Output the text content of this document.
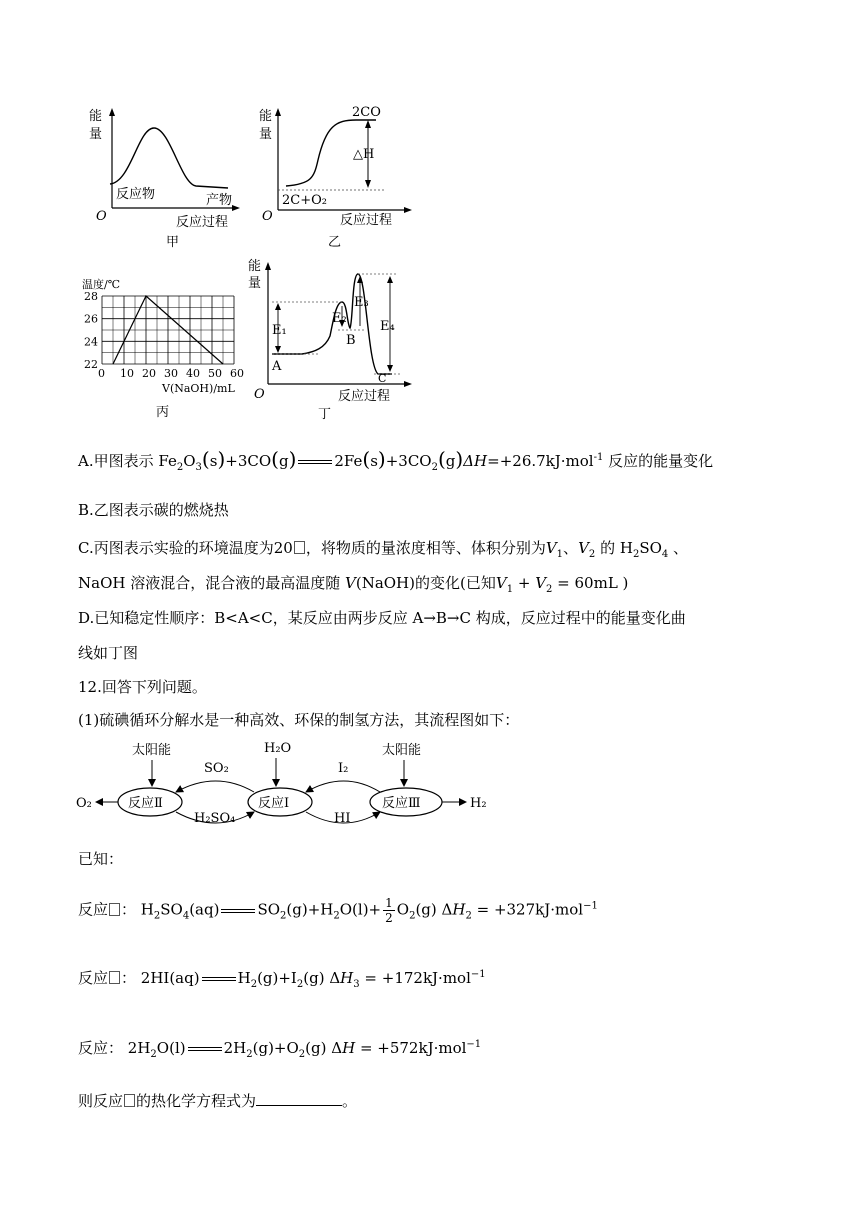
能
量
反应物	产物
O	反应过程
甲
能
量
2CO
△H
2C+O₂
O	反应过程
乙
温度/℃
28
26
24
22
0 10 20 30 40 50 60
V(NaOH)/mL
丙
能
量
E₁
E₂
E₃
E₄
A
B
C
O	反应过程
丁
A.甲图表示 $Fe_2O_3(s)+3CO(g)$	$2Fe(s)+3CO_2(g)\Delta H=+26.7kJ\cdot mol^{-1}$ 反应的能量变化
B.乙图表示碳的燃烧热
C.丙图表示实验的环境温度为20 ，将物质的量浓度相等、体积分别为$V_1$、$V_2$ 的 $H_2SO_4$ 、
NaOH 溶液混合，混合液的最高温度随 V(NaOH)的变化(已知$V_1 + V_2 = 60mL$ )
D.已知稳定性顺序：B<A<C，某反应由两步反应 A→B→C 构成，反应过程中的能量变化曲
线如丁图
12.回答下列问题。
(1)硫碘循环分解水是一种高效、环保的制氢方法，其流程图如下：
太阳能	H₂O	太阳能
反应Ⅱ	反应Ⅰ	反应Ⅲ
O₂	H₂
SO₂
H₂SO₄
I₂
HI
已知：
反应 ： $H_2SO_4(aq)$	$SO_2(g)+H_2O(l)+ \frac{1}{2} O_2(g) \Delta H_2 = +327kJ\cdot mol^{-1}$
反应 ： 2HI(aq)	$H_2(g)+I_2(g) \Delta H_3 = +172kJ\cdot mol^{-1}$
反应： $2H_2O(l)$	$2H_2(g)+O_2(g) \Delta H = +572kJ\cdot mol^{-1}$
则反应 的热化学方程式为	。
